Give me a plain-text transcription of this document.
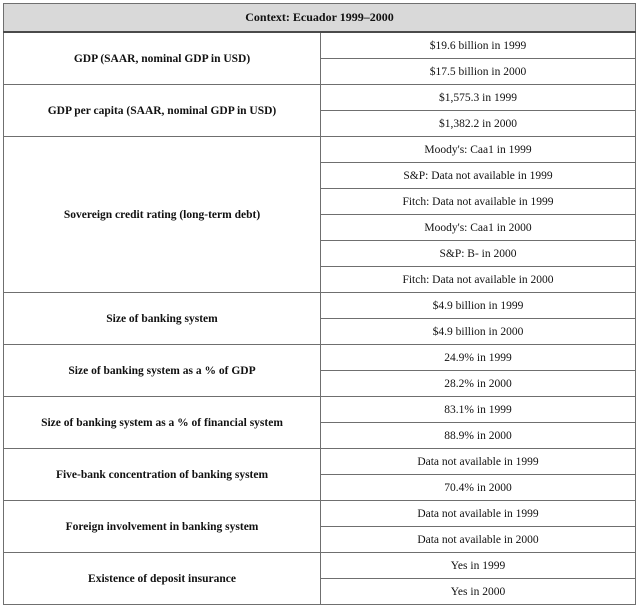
Context: Ecuador 1999–2000	
GDP (SAAR, nominal GDP in USD)	$19.6 billion in 1999
	$17.5 billion in 2000
GDP per capita (SAAR, nominal GDP in USD)	$1,575.3 in 1999
	$1,382.2 in 2000
Sovereign credit rating (long-term debt)	Moody's: Caa1 in 1999
	S&P: Data not available in 1999
	Fitch: Data not available in 1999
	Moody's: Caa1 in 2000
	S&P: B- in 2000
	Fitch: Data not available in 2000
Size of banking system	$4.9 billion in 1999
	$4.9 billion in 2000
Size of banking system as a % of GDP	24.9% in 1999
	28.2% in 2000
Size of banking system as a % of financial system	83.1% in 1999
	88.9% in 2000
Five-bank concentration of banking system	Data not available in 1999
	70.4% in 2000
Foreign involvement in banking system	Data not available in 1999
	Data not available in 2000
Existence of deposit insurance	Yes in 1999
	Yes in 2000
